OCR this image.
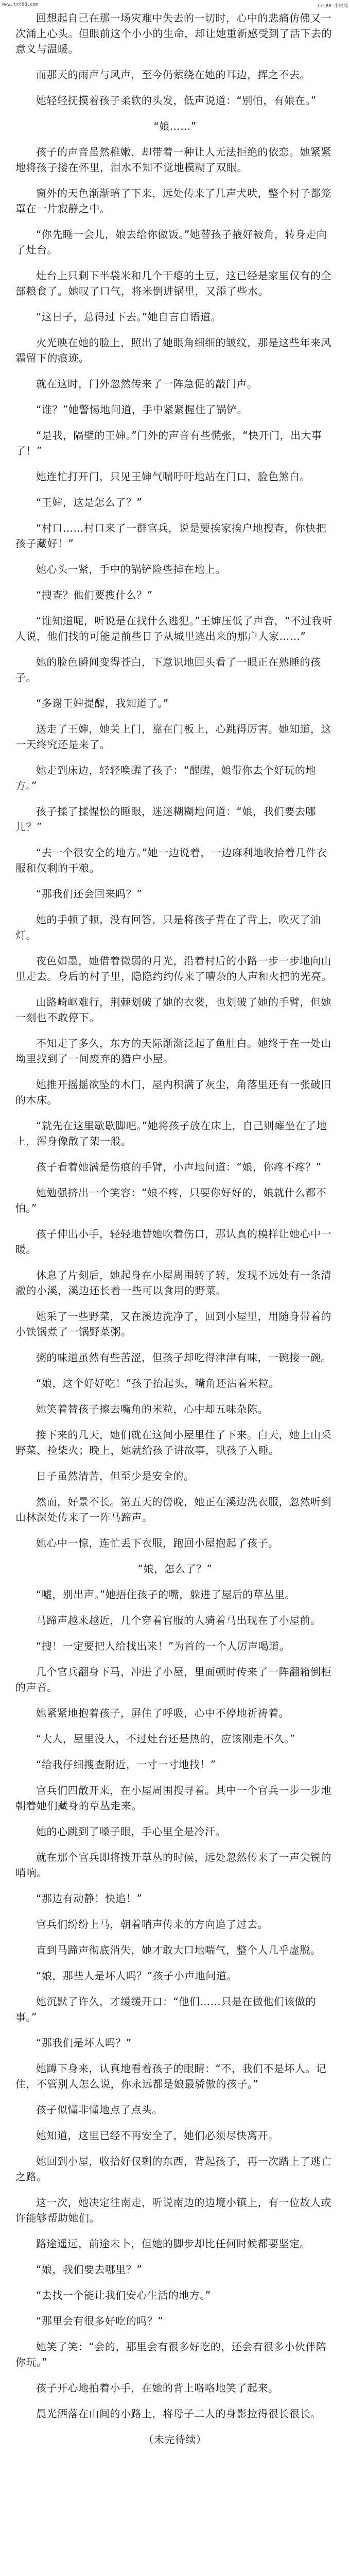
www.txt80.com	txt80 小说网

回想起自己在那一场灾难中失去的一切时，心中的悲痛仿佛又一次涌上心头。但眼前这个小小的生命，却让她重新感受到了活下去的意义与温暖。

而那天的雨声与风声，至今仍萦绕在她的耳边，挥之不去。

她轻轻抚摸着孩子柔软的头发，低声说道：“别怕，有娘在。”

“娘……”

孩子的声音虽然稚嫩，却带着一种让人无法拒绝的依恋。她紧紧地将孩子搂在怀里，泪水不知不觉地模糊了双眼。

窗外的天色渐渐暗了下来，远处传来了几声犬吠，整个村子都笼罩在一片寂静之中。

“你先睡一会儿，娘去给你做饭。”她替孩子掖好被角，转身走向了灶台。

灶台上只剩下半袋米和几个干瘪的土豆，这已经是家里仅有的全部粮食了。她叹了口气，将米倒进锅里，又添了些水。

“这日子，总得过下去。”她自言自语道。

火光映在她的脸上，照出了她眼角细细的皱纹，那是这些年来风霜留下的痕迹。

就在这时，门外忽然传来了一阵急促的敲门声。

“谁？”她警惕地问道，手中紧紧握住了锅铲。

“是我，隔壁的王婶。”门外的声音有些慌张，“快开门，出大事了！”

她连忙打开门，只见王婶气喘吁吁地站在门口，脸色煞白。

“王婶，这是怎么了？”

“村口……村口来了一群官兵，说是要挨家挨户地搜查，你快把孩子藏好！”

她心头一紧，手中的锅铲险些掉在地上。

“搜查？他们要搜什么？”

“谁知道呢，听说是在找什么逃犯。”王婶压低了声音，“不过我听人说，他们找的可能是前些日子从城里逃出来的那户人家……”

她的脸色瞬间变得苍白，下意识地回头看了一眼正在熟睡的孩子。

“多谢王婶提醒，我知道了。”

送走了王婶，她关上门，靠在门板上，心跳得厉害。她知道，这一天终究还是来了。

她走到床边，轻轻唤醒了孩子：“醒醒，娘带你去个好玩的地方。”

孩子揉了揉惺忪的睡眼，迷迷糊糊地问道：“娘，我们要去哪儿？”

“去一个很安全的地方。”她一边说着，一边麻利地收拾着几件衣服和仅剩的干粮。

“那我们还会回来吗？”

她的手顿了顿，没有回答，只是将孩子背在了背上，吹灭了油灯。

夜色如墨，她借着微弱的月光，沿着村后的小路一步一步地向山里走去。身后的村子里，隐隐约约传来了嘈杂的人声和火把的光亮。

山路崎岖难行，荆棘划破了她的衣裳，也划破了她的手臂，但她一刻也不敢停下。

不知走了多久，东方的天际渐渐泛起了鱼肚白。她终于在一处山坳里找到了一间废弃的猎户小屋。

她推开摇摇欲坠的木门，屋内积满了灰尘，角落里还有一张破旧的木床。

“就先在这里歇歇脚吧。”她将孩子放在床上，自己则瘫坐在了地上，浑身像散了架一般。

孩子看着她满是伤痕的手臂，小声地问道：“娘，你疼不疼？”

她勉强挤出一个笑容：“娘不疼，只要你好好的，娘就什么都不怕。”

孩子伸出小手，轻轻地替她吹着伤口，那认真的模样让她心中一暖。

休息了片刻后，她起身在小屋周围转了转，发现不远处有一条清澈的小溪，溪边还长着一些可以食用的野菜。

她采了一些野菜，又在溪边洗净了，回到小屋里，用随身带着的小铁锅煮了一锅野菜粥。

粥的味道虽然有些苦涩，但孩子却吃得津津有味，一碗接一碗。

“娘，这个好好吃！”孩子抬起头，嘴角还沾着米粒。

她笑着替孩子擦去嘴角的米粒，心中却五味杂陈。

接下来的几天，她们就在这间小屋里住了下来。白天，她上山采野菜、捡柴火；晚上，她就给孩子讲故事，哄孩子入睡。

日子虽然清苦，但至少是安全的。

然而，好景不长。第五天的傍晚，她正在溪边洗衣服，忽然听到山林深处传来了一阵马蹄声。

她心中一惊，连忙丢下衣服，跑回小屋抱起了孩子。

“娘，怎么了？”

“嘘，别出声。”她捂住孩子的嘴，躲进了屋后的草丛里。

马蹄声越来越近，几个穿着官服的人骑着马出现在了小屋前。

“搜！一定要把人给找出来！”为首的一个人厉声喝道。

几个官兵翻身下马，冲进了小屋，里面顿时传来了一阵翻箱倒柜的声音。

她紧紧地抱着孩子，屏住了呼吸，心中不停地祈祷着。

“大人，屋里没人，不过灶台还是热的，应该刚走不久。”

“给我仔细搜查附近，一寸一寸地找！”

官兵们四散开来，在小屋周围搜寻着。其中一个官兵一步一步地朝着她们藏身的草丛走来。

她的心跳到了嗓子眼，手心里全是冷汗。

就在那个官兵即将拨开草丛的时候，远处忽然传来了一声尖锐的哨响。

“那边有动静！快追！”

官兵们纷纷上马，朝着哨声传来的方向追了过去。

直到马蹄声彻底消失，她才敢大口地喘气，整个人几乎虚脱。

“娘，那些人是坏人吗？”孩子小声地问道。

她沉默了许久，才缓缓开口：“他们……只是在做他们该做的事。”

“那我们是坏人吗？”

她蹲下身来，认真地看着孩子的眼睛：“不，我们不是坏人。记住，不管别人怎么说，你永远都是娘最骄傲的孩子。”

孩子似懂非懂地点了点头。

她知道，这里已经不再安全了，她们必须尽快离开。

她回到小屋，收拾好仅剩的东西，背起孩子，再一次踏上了逃亡之路。

这一次，她决定往南走，听说南边的边境小镇上，有一位故人或许能够帮助她们。

路途遥远，前途未卜，但她的脚步却比任何时候都要坚定。

“娘，我们要去哪里？”

“去找一个能让我们安心生活的地方。”

“那里会有很多好吃的吗？”

她笑了笑：“会的，那里会有很多好吃的，还会有很多小伙伴陪你玩。”

孩子开心地拍着小手，在她的背上咯咯地笑了起来。

晨光洒落在山间的小路上，将母子二人的身影拉得很长很长。

（未完待续）
